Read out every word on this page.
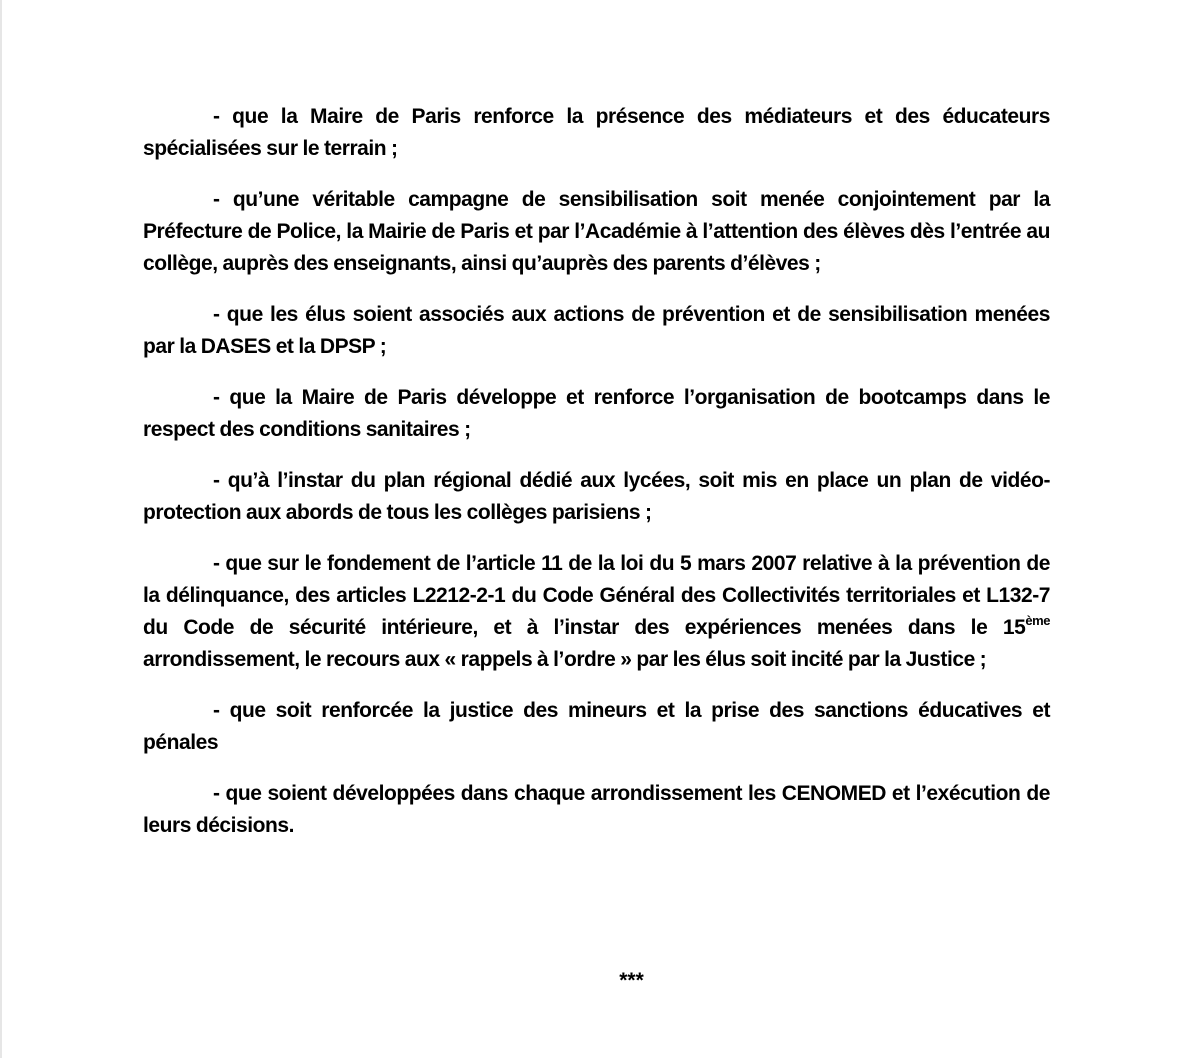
- que la Maire de Paris renforce la présence des médiateurs et des éducateurs spécialisées sur le terrain ;

- qu’une véritable campagne de sensibilisation soit menée conjointement par la Préfecture de Police, la Mairie de Paris et par l’Académie à l’attention des élèves dès l’entrée au collège, auprès des enseignants, ainsi qu’auprès des parents d’élèves ;

- que les élus soient associés aux actions de prévention et de sensibilisation menées par la DASES et la DPSP ;

- que la Maire de Paris développe et renforce l’organisation de bootcamps dans le respect des conditions sanitaires ;

- qu’à l’instar du plan régional dédié aux lycées, soit mis en place un plan de vidéo-protection aux abords de tous les collèges parisiens ;

- que sur le fondement de l’article 11 de la loi du 5 mars 2007 relative à la prévention de la délinquance, des articles L2212-2-1 du Code Général des Collectivités territoriales et L132-7 du Code de sécurité intérieure, et à l’instar des expériences menées dans le 15ème arrondissement, le recours aux « rappels à l’ordre » par les élus soit incité par la Justice ;

- que soit renforcée la justice des mineurs et la prise des sanctions éducatives et pénales

- que soient développées dans chaque arrondissement les CENOMED et l’exécution de leurs décisions.

***
